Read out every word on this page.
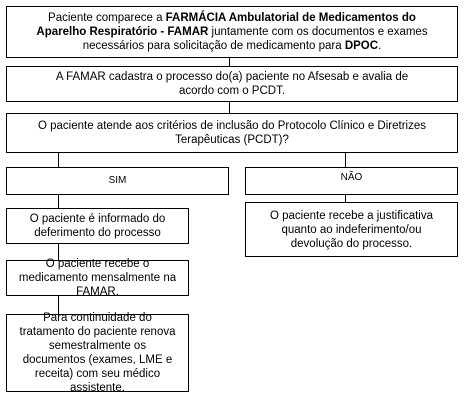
Paciente comparece a FARMÁCIA Ambulatorial de Medicamentos do Aparelho Respiratório - FAMAR juntamente com os documentos e exames necessários para solicitação de medicamento para DPOC.
A FAMAR cadastra o processo do(a) paciente no Afsesab e avalia de acordo com o PCDT.
O paciente atende aos critérios de inclusão do Protocolo Clínico e Diretrizes Terapêuticas (PCDT)?
SIM	NÃO
O paciente é informado do deferimento do processo
O paciente recebe o medicamento mensalmente na FAMAR.
Para continuidade do tratamento do paciente renova semestralmente os documentos (exames, LME e receita) com seu médico assistente.
O paciente recebe a justificativa quanto ao indeferimento/ou devolução do processo.
